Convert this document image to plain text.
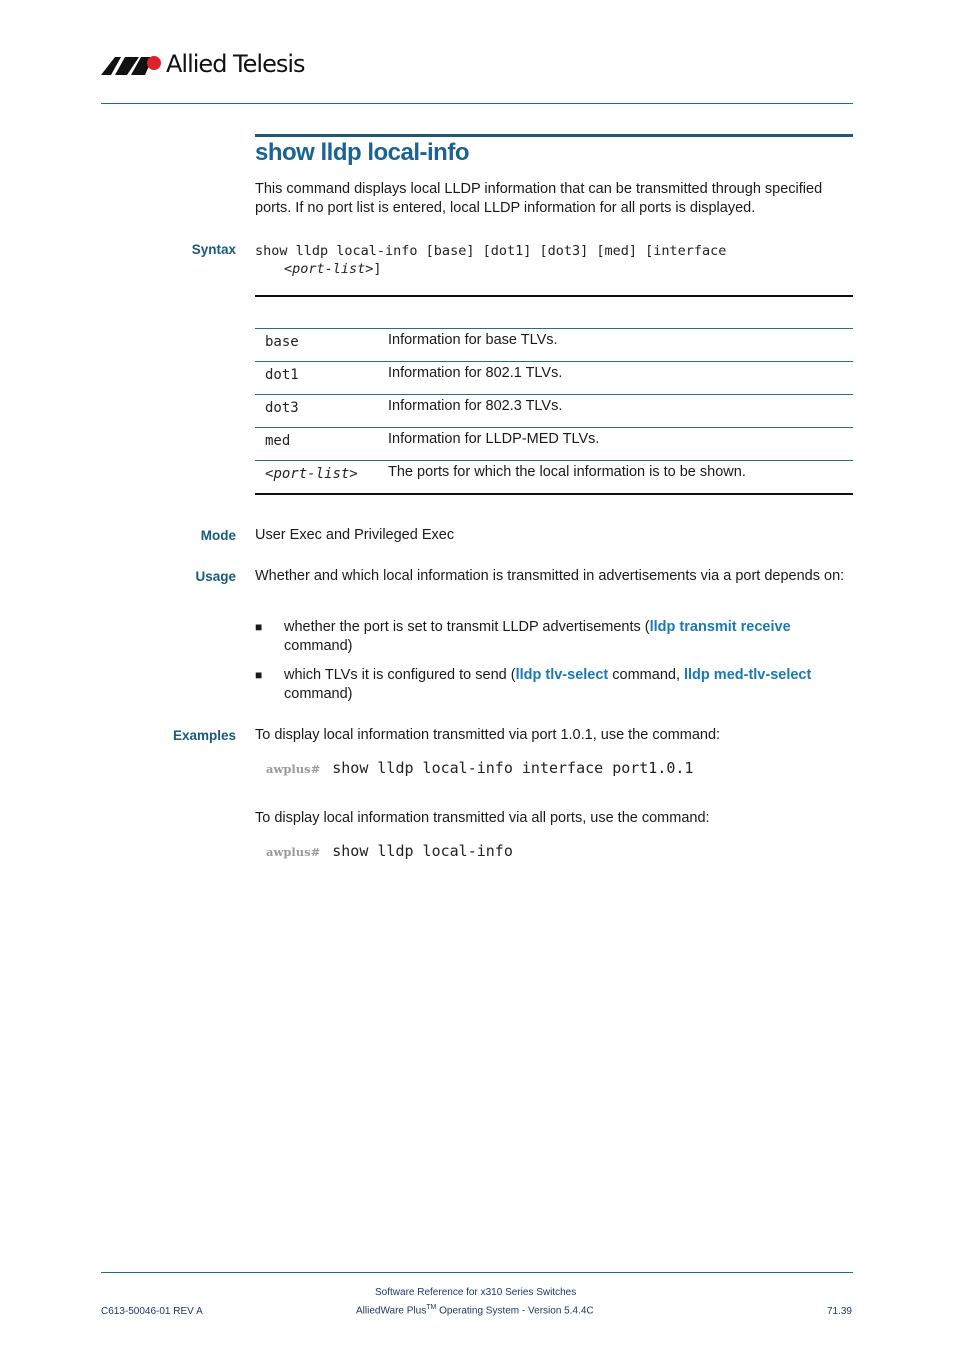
Allied Telesis
show lldp local-info

This command displays local LLDP information that can be transmitted through specified ports. If no port list is entered, local LLDP information for all ports is displayed.

Syntax show lldp local-info [base] [dot1] [dot3] [med] [interface
<port-list>]
base	Information for base TLVs.
dot1	Information for 802.1 TLVs.
dot3	Information for 802.3 TLVs.
med	Information for LLDP-MED TLVs.
<port-list> The ports for which the local information is to be shown.
Mode User Exec and Privileged Exec

Usage Whether and which local information is transmitted in advertisements via a port depends on:

■ whether the port is set to transmit LLDP advertisements (lldp transmit receive command)
■ which TLVs it is configured to send (lldp tlv-select command, lldp med-tlv-select command)
Examples To display local information transmitted via port 1.0.1, use the command:

awplus# show lldp local-info interface port1.0.1

To display local information transmitted via all ports, use the command:

awplus# show lldp local-info
Software Reference for x310 Series Switches
C613-50046-01 REV A	AlliedWare Plus™ Operating System - Version 5.4.4C	71.39
